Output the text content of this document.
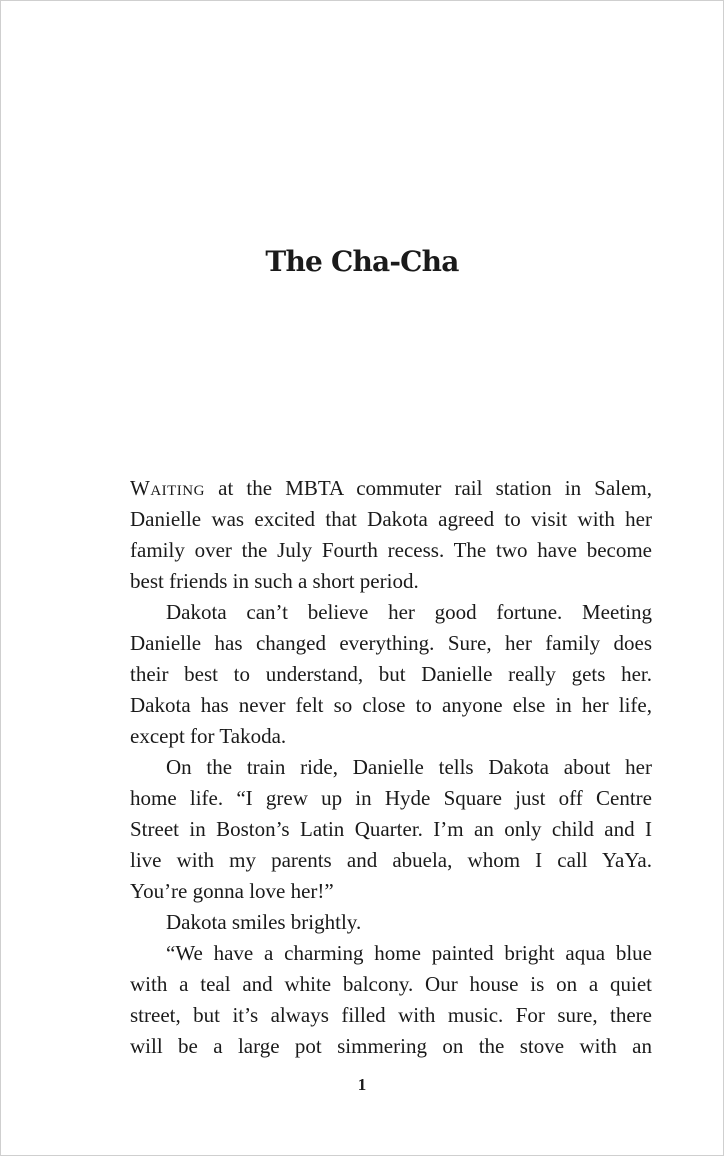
The Cha-Cha
Waiting at the MBTA commuter rail station in Salem,
Danielle was excited that Dakota agreed to visit with her
family over the July Fourth recess. The two have become
best friends in such a short period.
Dakota can’t believe her good fortune. Meeting
Danielle has changed everything. Sure, her family does
their best to understand, but Danielle really gets her.
Dakota has never felt so close to anyone else in her life,
except for Takoda.
On the train ride, Danielle tells Dakota about her
home life. “I grew up in Hyde Square just off Centre
Street in Boston’s Latin Quarter. I’m an only child and I
live with my parents and abuela, whom I call YaYa.
You’re gonna love her!”
Dakota smiles brightly.
“We have a charming home painted bright aqua blue
with a teal and white balcony. Our house is on a quiet
street, but it’s always filled with music. For sure, there
will be a large pot simmering on the stove with an
1
